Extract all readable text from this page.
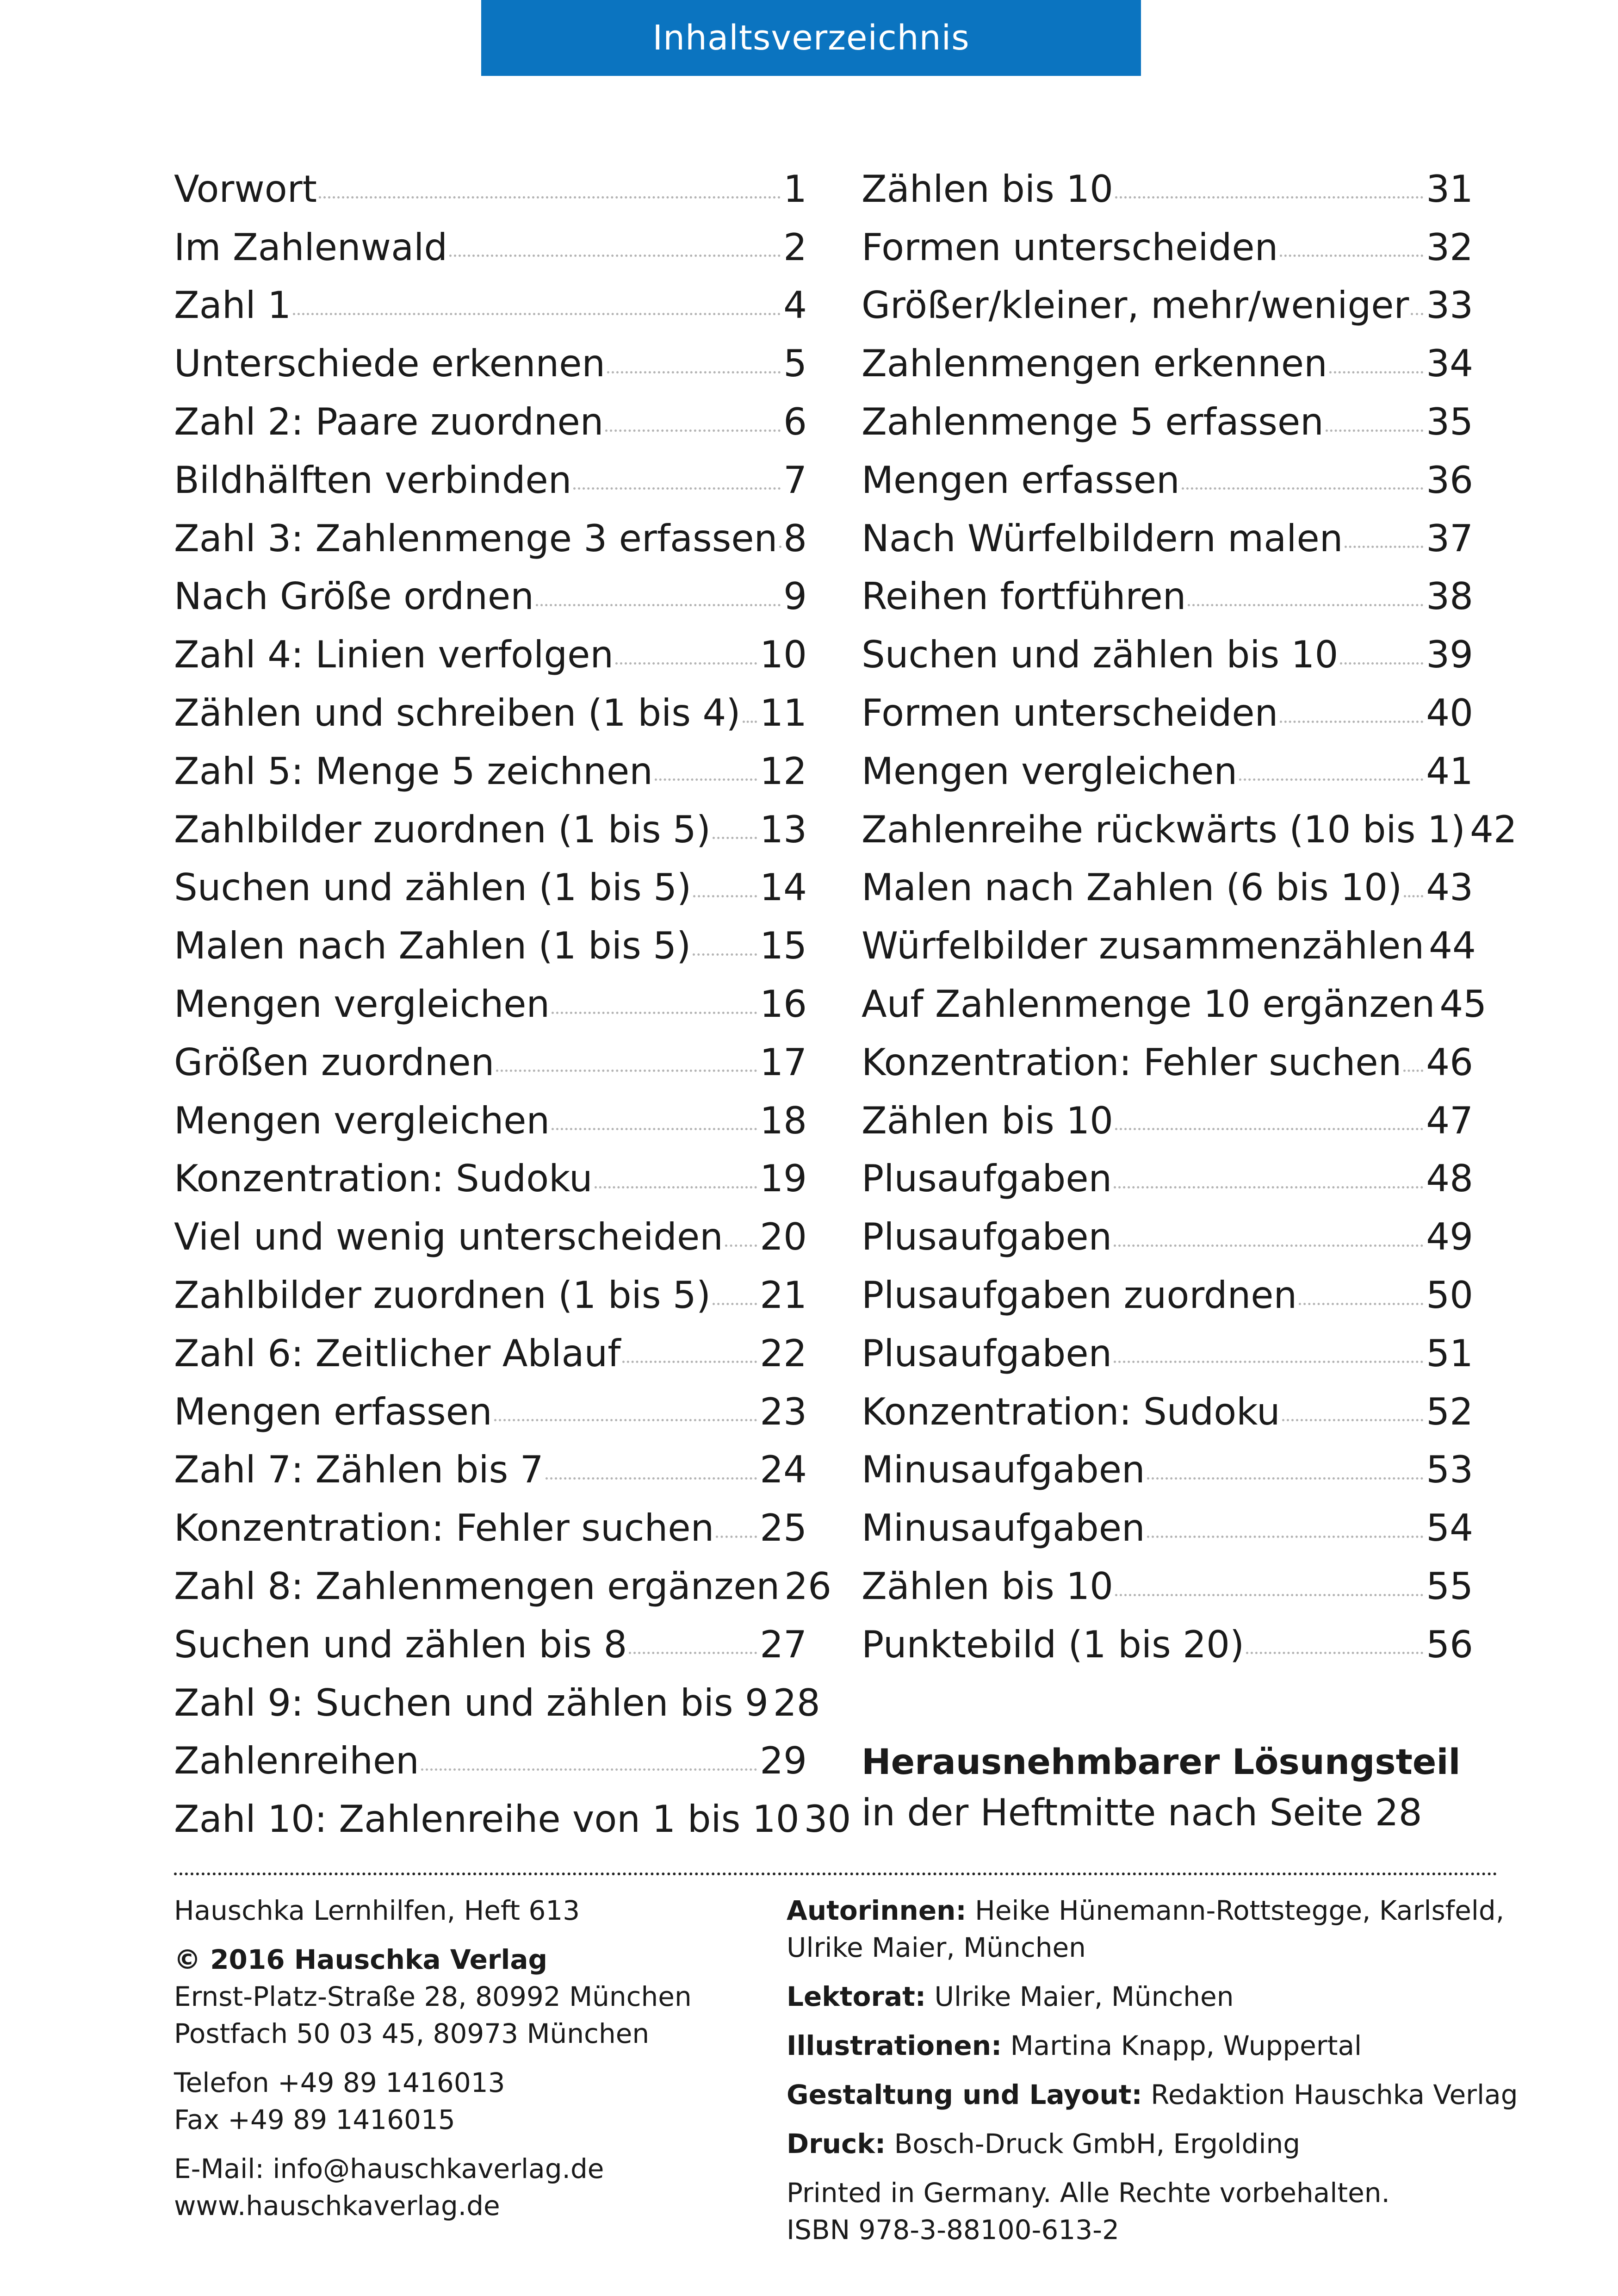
Inhaltsverzeichnis
Vorwort	1
Im Zahlenwald	2
Zahl 1	4
Unterschiede erkennen	5
Zahl 2: Paare zuordnen	6
Bildhälften verbinden	7
Zahl 3: Zahlenmenge 3 erfassen 8
Nach Größe ordnen	9
Zahl 4: Linien verfolgen	10
Zählen und schreiben (1 bis 4) 11
Zahl 5: Menge 5 zeichnen	12
Zahlbilder zuordnen (1 bis 5) 13
Suchen und zählen (1 bis 5) 14
Malen nach Zahlen (1 bis 5) 15
Mengen vergleichen	16
Größen zuordnen	17
Mengen vergleichen	18
Konzentration: Sudoku	19
Viel und wenig unterscheiden 20
Zahlbilder zuordnen (1 bis 5) 21
Zahl 6: Zeitlicher Ablauf	22
Mengen erfassen	23
Zahl 7: Zählen bis 7	24
Konzentration: Fehler suchen 25
Zahl 8: Zahlenmengen ergänzen 26
Suchen und zählen bis 8	27
Zahl 9: Suchen und zählen bis 9 28
Zahlenreihen	29
Zahl 10: Zahlenreihe von 1 bis 10 30
Zählen bis 10	31
Formen unterscheiden	32
Größer/kleiner, mehr/weniger 33
Zahlenmengen erkennen	34
Zahlenmenge 5 erfassen	35
Mengen erfassen	36
Nach Würfelbildern malen 37
Reihen fortführen	38
Suchen und zählen bis 10 39
Formen unterscheiden	40
Mengen vergleichen	41
Zahlenreihe rückwärts (10 bis 1) 42
Malen nach Zahlen (6 bis 10) 43
Würfelbilder zusammenzählen 44
Auf Zahlenmenge 10 ergänzen 45
Konzentration: Fehler suchen 46
Zählen bis 10	47
Plusaufgaben	48
Plusaufgaben	49
Plusaufgaben zuordnen	50
Plusaufgaben	51
Konzentration: Sudoku	52
Minusaufgaben	53
Minusaufgaben	54
Zählen bis 10	55
Punktebild (1 bis 20)	56
Herausnehmbarer Lösungsteil
in der Heftmitte nach Seite 28
Hauschka Lernhilfen, Heft 613
© 2016 Hauschka Verlag
Ernst-Platz-Straße 28, 80992 München
Postfach 50 03 45, 80973 München
Telefon +49 89 1416013
Fax +49 89 1416015
E-Mail: info@hauschkaverlag.de
www.hauschkaverlag.de
Autorinnen: Heike Hünemann-Rottstegge, Karlsfeld,
Ulrike Maier, München
Lektorat: Ulrike Maier, München
Illustrationen: Martina Knapp, Wuppertal
Gestaltung und Layout: Redaktion Hauschka Verlag
Druck: Bosch-Druck GmbH, Ergolding
Printed in Germany. Alle Rechte vorbehalten.
ISBN 978-3-88100-613-2
